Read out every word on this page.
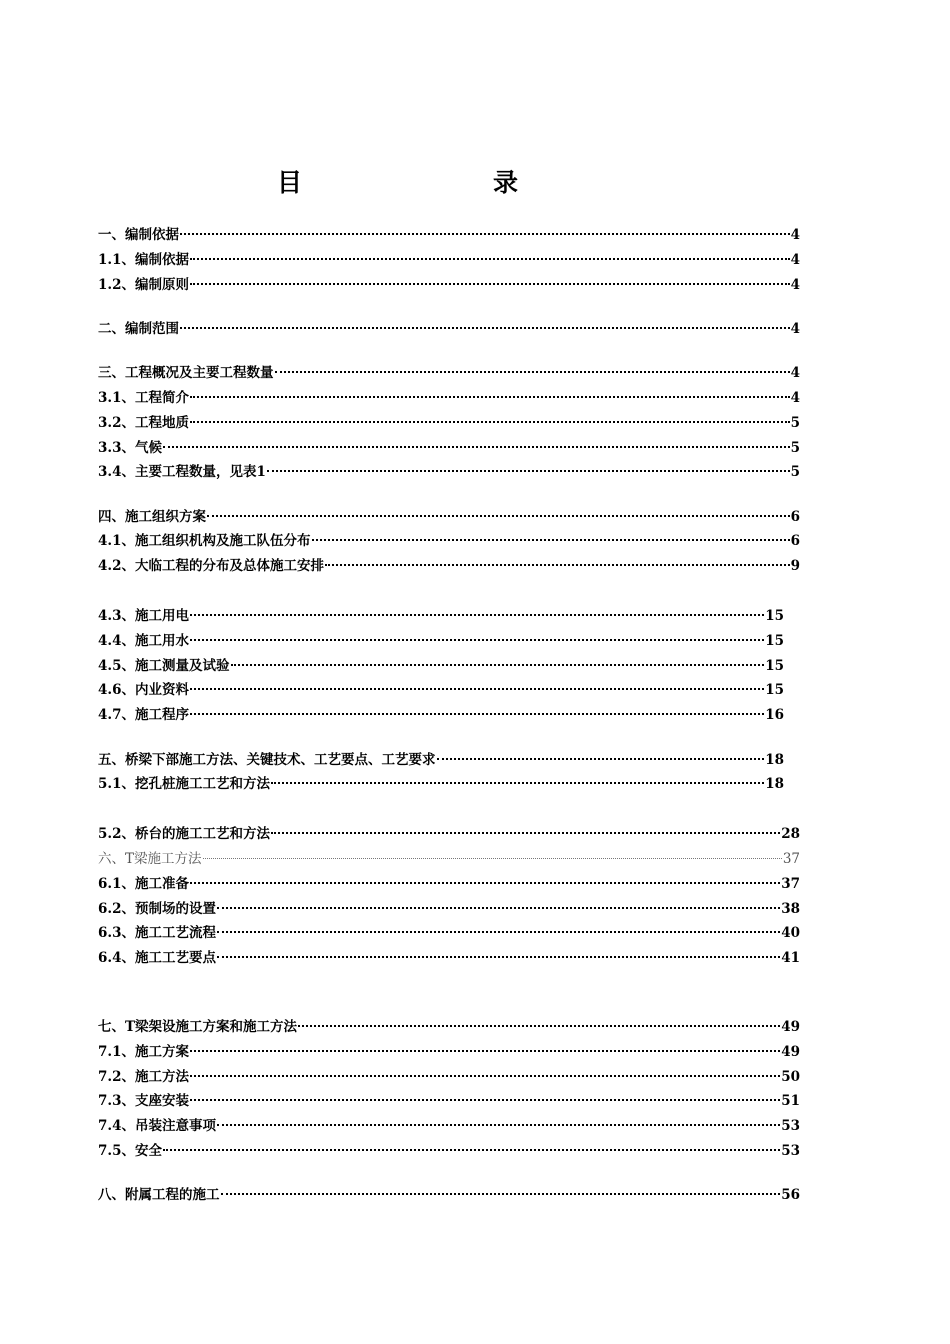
目	录
一、编制依据	4
1.1、编制依据	4
1.2、编制原则	4
二、编制范围	4
三、工程概况及主要工程数量	4
3.1、工程简介	4
3.2、工程地质	5
3.3、气候	5
3.4、主要工程数量，见表1	5
四、施工组织方案	6
4.1、施工组织机构及施工队伍分布	6
4.2、大临工程的分布及总体施工安排	9
4.3、施工用电	15
4.4、施工用水	15
4.5、施工测量及试验	15
4.6、内业资料	15
4.7、施工程序	16
五、桥梁下部施工方法、关键技术、工艺要点、工艺要求	18
5.1、挖孔桩施工工艺和方法	18
5.2、桥台的施工工艺和方法	28
六、T梁施工方法	37
6.1、施工准备	37
6.2、预制场的设置	38
6.3、施工工艺流程	40
6.4、施工工艺要点	41
七、T梁架设施工方案和施工方法	49
7.1、施工方案	49
7.2、施工方法	50
7.3、支座安装	51
7.4、吊装注意事项	53
7.5、安全	53
八、附属工程的施工	56
